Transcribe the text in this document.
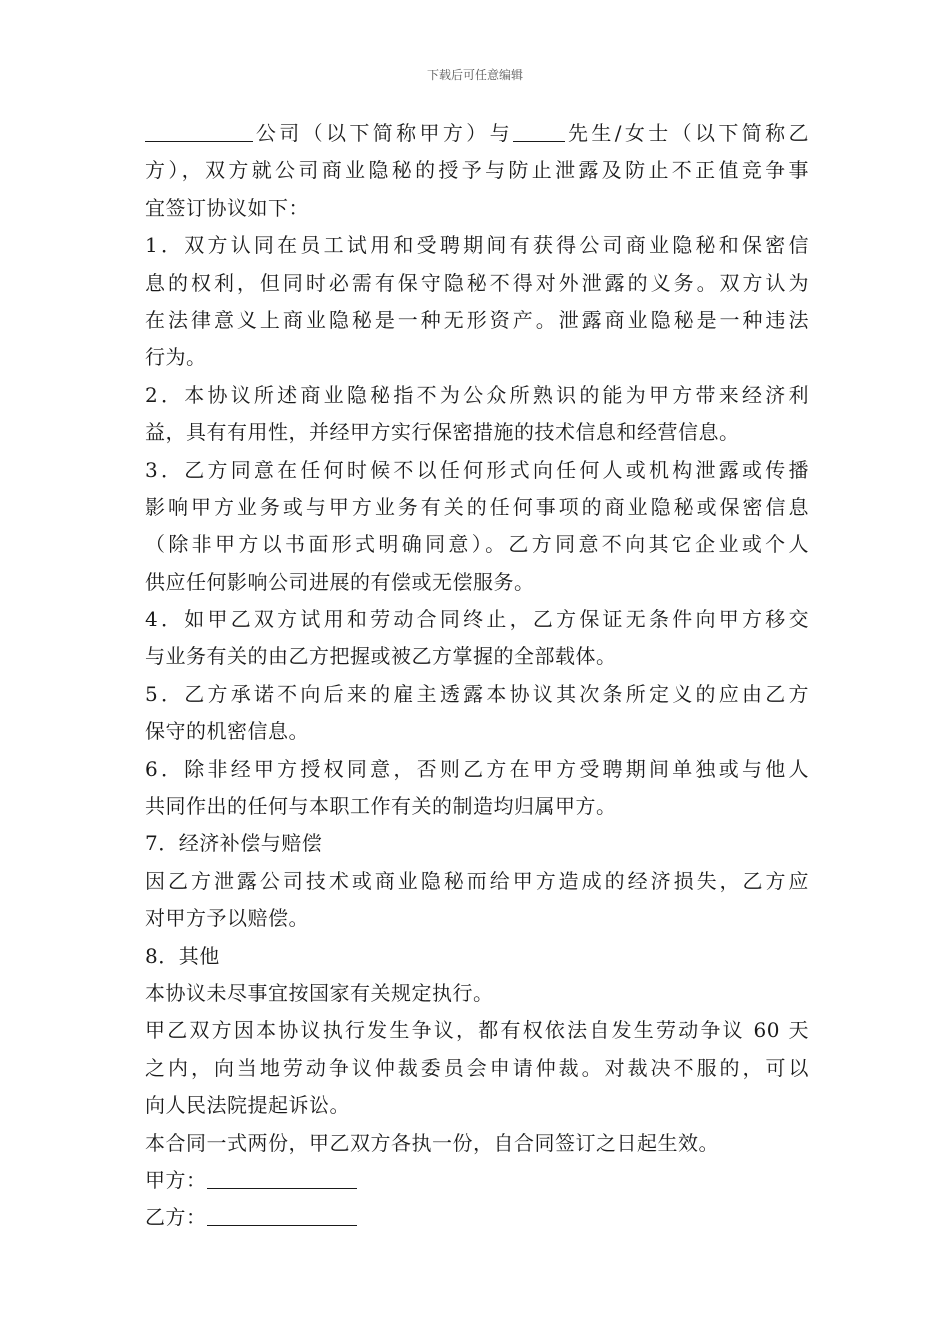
下载后可任意编辑
公司（以下简称甲方）与	先生/女士（以下简称乙
方），双方就公司商业隐秘的授予与防止泄露及防止不正值竞争事
宜签订协议如下：
1．双方认同在员工试用和受聘期间有获得公司商业隐秘和保密信
息的权利，但同时必需有保守隐秘不得对外泄露的义务。双方认为
在法律意义上商业隐秘是一种无形资产。泄露商业隐秘是一种违法
行为。
2．本协议所述商业隐秘指不为公众所熟识的能为甲方带来经济利
益，具有有用性，并经甲方实行保密措施的技术信息和经营信息。
3．乙方同意在任何时候不以任何形式向任何人或机构泄露或传播
影响甲方业务或与甲方业务有关的任何事项的商业隐秘或保密信息
（除非甲方以书面形式明确同意）。乙方同意不向其它企业或个人
供应任何影响公司进展的有偿或无偿服务。
4．如甲乙双方试用和劳动合同终止，乙方保证无条件向甲方移交
与业务有关的由乙方把握或被乙方掌握的全部载体。
5．乙方承诺不向后来的雇主透露本协议其次条所定义的应由乙方
保守的机密信息。
6．除非经甲方授权同意，否则乙方在甲方受聘期间单独或与他人
共同作出的任何与本职工作有关的制造均归属甲方。
7．经济补偿与赔偿
因乙方泄露公司技术或商业隐秘而给甲方造成的经济损失，乙方应
对甲方予以赔偿。
8．其他
本协议未尽事宜按国家有关规定执行。
甲乙双方因本协议执行发生争议，都有权依法自发生劳动争议 60 天
之内，向当地劳动争议仲裁委员会申请仲裁。对裁决不服的，可以
向人民法院提起诉讼。
本合同一式两份，甲乙双方各执一份，自合同签订之日起生效。
甲方：
乙方：
